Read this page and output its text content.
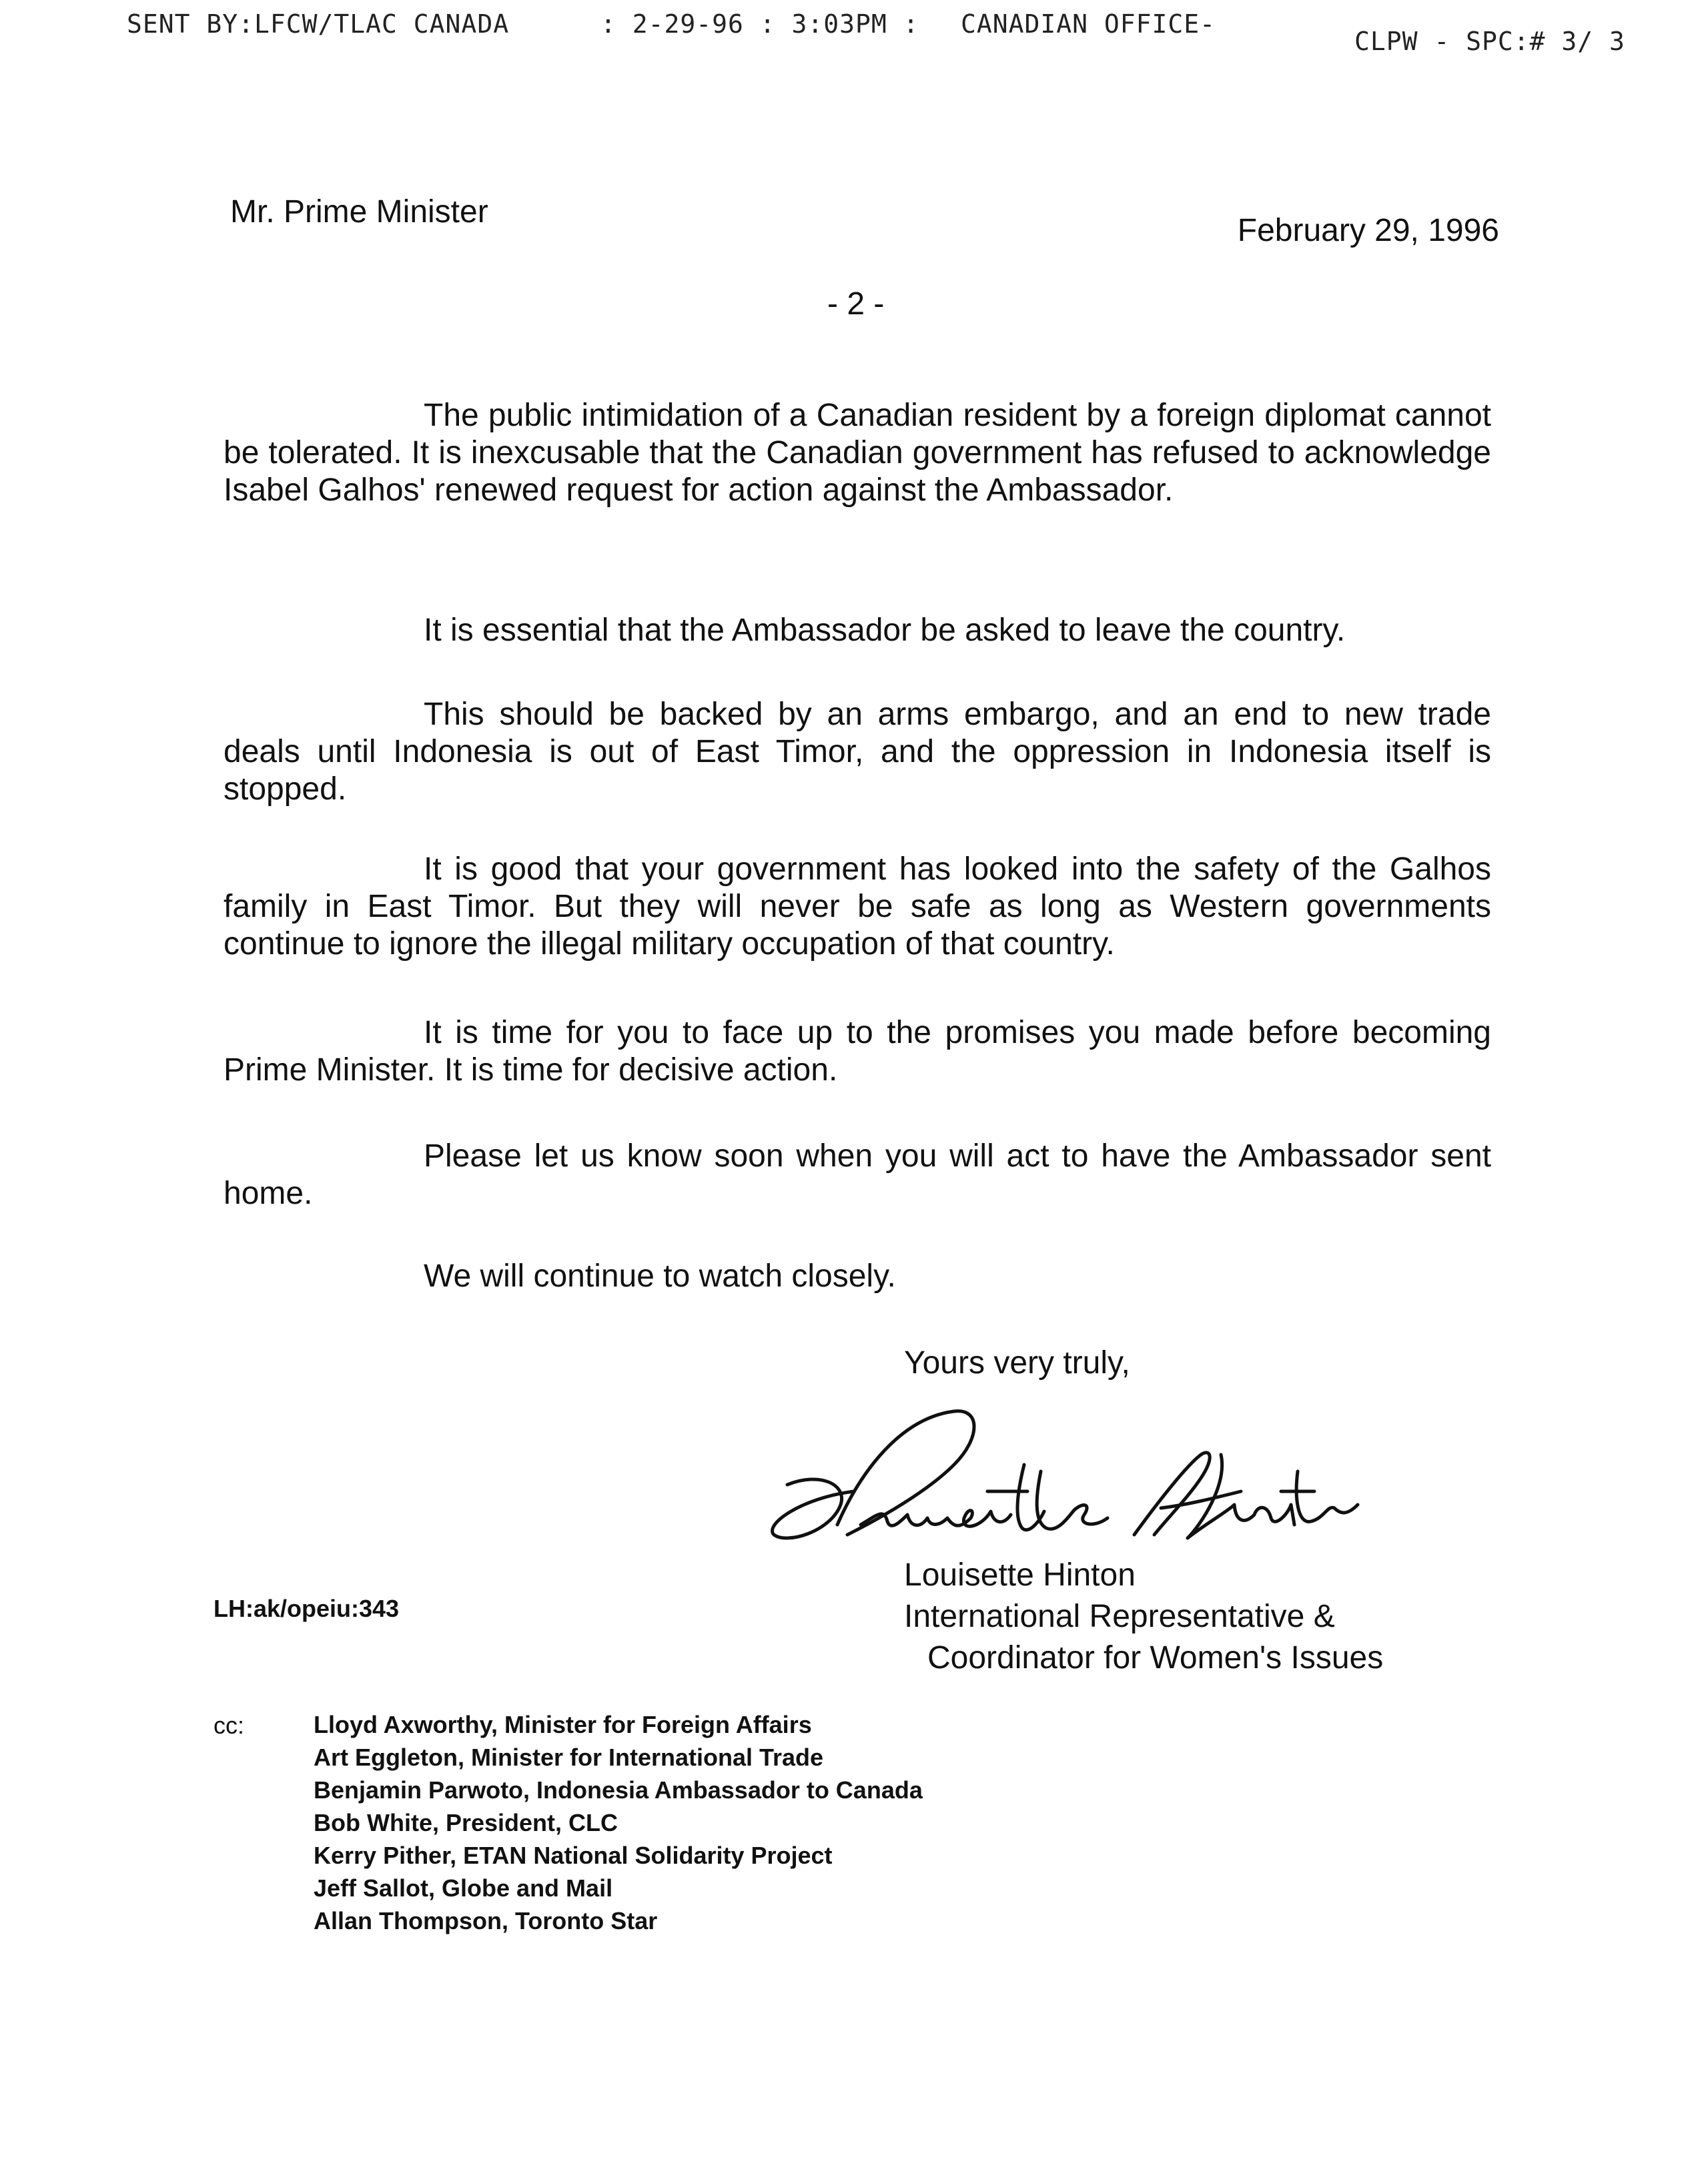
SENT BY:LFCW/TLAC CANADA	: 2-29-96 : 3:03PM : CANADIAN OFFICE-
CLPW - SPC:# 3/ 3
Mr. Prime Minister
February 29, 1996
- 2 -

The public intimidation of a Canadian resident by a foreign diplomat cannot be tolerated. It is inexcusable that the Canadian government has refused to acknowledge Isabel Galhos' renewed request for action against the Ambassador.

It is essential that the Ambassador be asked to leave the country.

This should be backed by an arms embargo, and an end to new trade deals until Indonesia is out of East Timor, and the oppression in Indonesia itself is stopped.

It is good that your government has looked into the safety of the Galhos family in East Timor. But they will never be safe as long as Western governments continue to ignore the illegal military occupation of that country.

It is time for you to face up to the promises you made before becoming Prime Minister. It is time for decisive action.

Please let us know soon when you will act to have the Ambassador sent home.

We will continue to watch closely.

Yours very truly,
Louisette Hinton
International Representative &
Coordinator for Women's Issues
LH:ak/opeiu:343
cc:	Lloyd Axworthy, Minister for Foreign Affairs
Art Eggleton, Minister for International Trade
Benjamin Parwoto, Indonesia Ambassador to Canada
Bob White, President, CLC
Kerry Pither, ETAN National Solidarity Project
Jeff Sallot, Globe and Mail
Allan Thompson, Toronto Star
